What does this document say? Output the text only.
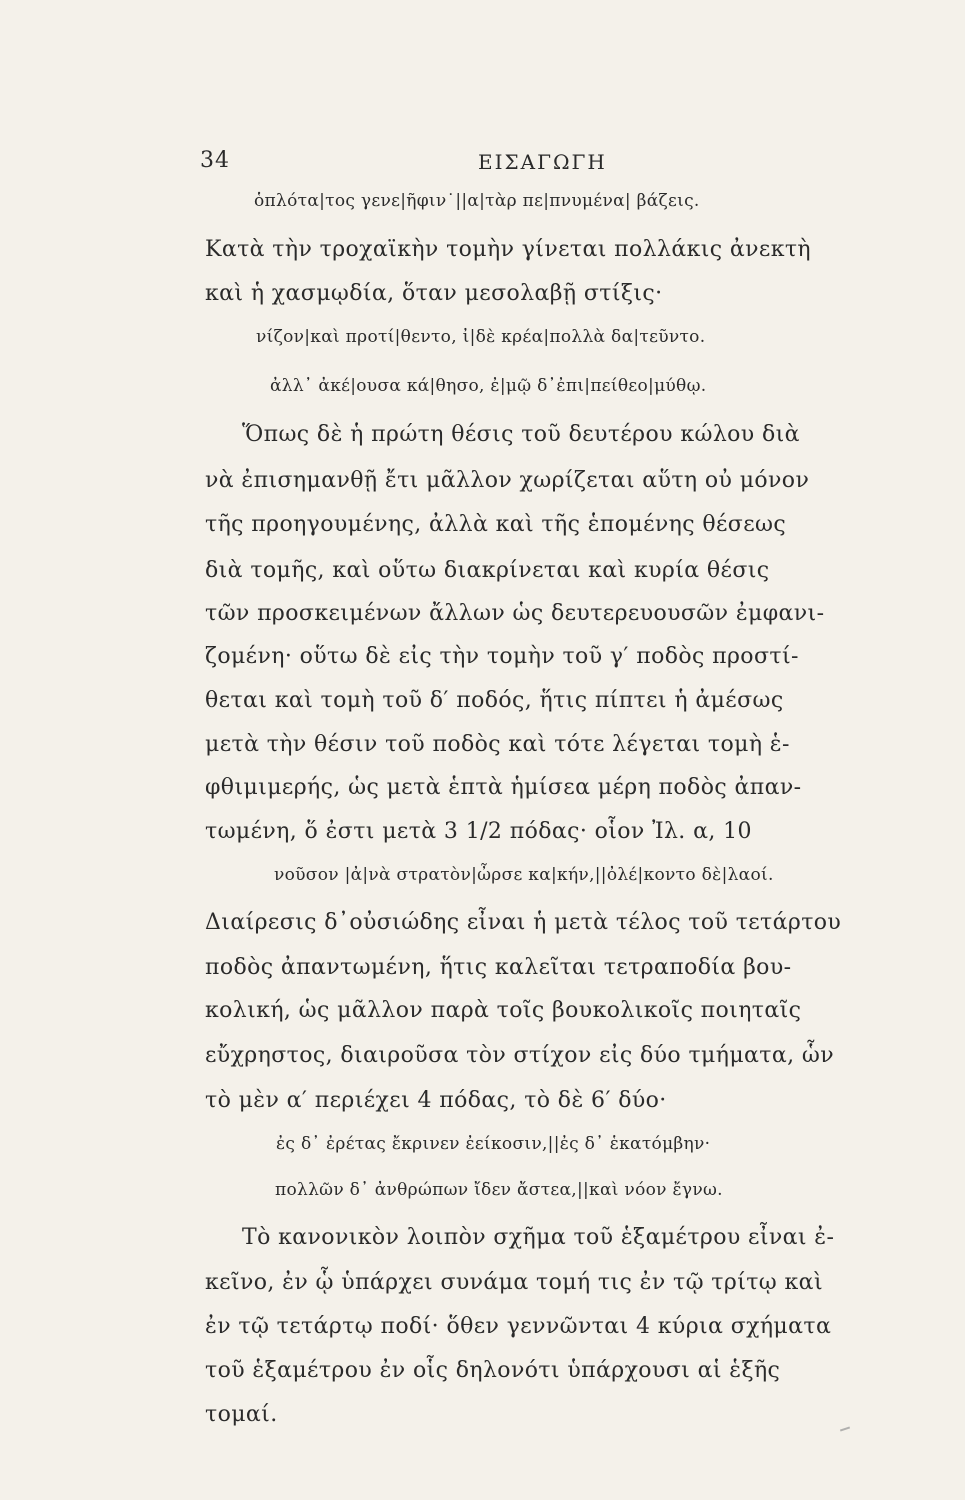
34	ΕΙΣΑΓΩΓΗ
ὁπλότα|τος γενε|ῆφιν˙||α|τὰρ πε|πνυμένα| βάζεις.
Κατὰ τὴν τροχαϊκὴν τομὴν γίνεται πολλάκις ἀνεκτὴ
καὶ ἡ χασμῳδία, ὅταν μεσολαβῇ στίξις·
νίζον|καὶ προτί|θεντο, ἰ|δὲ κρέα|πολλὰ δα|τεῦντο.
ἀλλ᾽ ἀκέ|ουσα κά|θησο, ἐ|μῷ δ᾽ἐπι|πείθεο|μύθῳ.
Ὅπως δὲ ἡ πρώτη θέσις τοῦ δευτέρου κώλου διὰ
νὰ ἐπισημανθῇ ἔτι μᾶλλον χωρίζεται αὕτη οὐ μόνον
τῆς προηγουμένης, ἀλλὰ καὶ τῆς ἑπομένης θέσεως
διὰ τομῆς, καὶ οὕτω διακρίνεται καὶ κυρία θέσις
τῶν προσκειμένων ἄλλων ὡς δευτερευουσῶν ἐμφανι-
ζομένη· οὕτω δὲ εἰς τὴν τομὴν τοῦ γ′ ποδὸς προστί-
θεται καὶ τομὴ τοῦ δ′ ποδός, ἥτις πίπτει ἡ ἀμέσως
μετὰ τὴν θέσιν τοῦ ποδὸς καὶ τότε λέγεται τομὴ ἑ-
φθιμιμερής, ὡς μετὰ ἑπτὰ ἡμίσεα μέρη ποδὸς ἀπαν-
τωμένη, ὅ ἐστι μετὰ 3 1/2 πόδας· οἷον Ἰλ. α, 10
νοῦσον |ἀ|νὰ στρατὸν|ὦρσε κα|κήν,||ὀλέ|κοντο δὲ|λαοί.
Διαίρεσις δ᾽οὐσιώδης εἶναι ἡ μετὰ τέλος τοῦ τετάρτου
ποδὸς ἀπαντωμένη, ἥτις καλεῖται τετραποδία βου-
κολική, ὡς μᾶλλον παρὰ τοῖς βουκολικοῖς ποιηταῖς
εὔχρηστος, διαιροῦσα τὸν στίχον εἰς δύο τμήματα, ὧν
τὸ μὲν α′ περιέχει 4 πόδας, τὸ δὲ 6′ δύο·
ἐς δ᾽ ἐρέτας ἔκρινεν ἐείκοσιν,||ἐς δ᾽ ἑκατόμβην·
πολλῶν δ᾽ ἀνθρώπων ἴδεν ἄστεα,||καὶ νόον ἔγνω.
Τὸ κανονικὸν λοιπὸν σχῆμα τοῦ ἑξαμέτρου εἶναι ἐ-
κεῖνο, ἐν ᾧ ὑπάρχει συνάμα τομή τις ἐν τῷ τρίτῳ καὶ
ἐν τῷ τετάρτῳ ποδί· ὅθεν γεννῶνται 4 κύρια σχήματα
τοῦ ἑξαμέτρου ἐν οἷς δηλονότι ὑπάρχουσι αἱ ἑξῆς
τομαί.
